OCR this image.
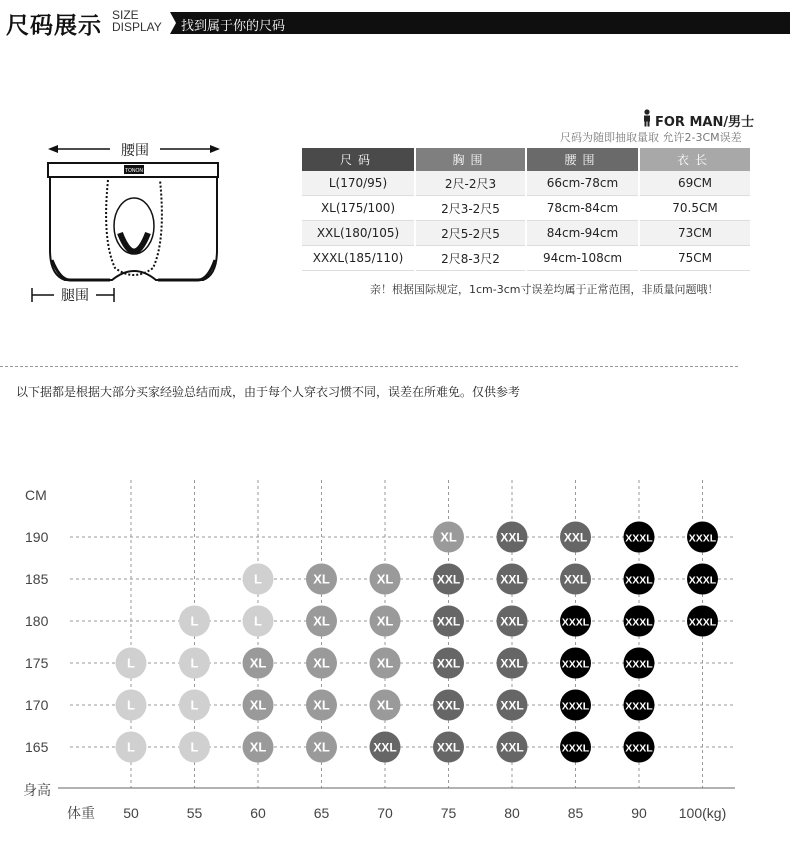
尺码展示 SIZE
DISPLAY 找到属于你的尺码
腰围
TONON
腿围
FOR MAN/男士
尺码为随即抽取量取 允许2-3CM误差
尺码	胸围	腰围	衣长
L(170/95)	2尺-2尺3	66cm-78cm	69CM
XL(175/100)	2尺3-2尺5	78cm-84cm	70.5CM
XXL(180/105)	2尺5-2尺5	84cm-94cm	73CM
XXXL(185/110)	2尺8-3尺2	94cm-108cm	75CM
亲！根据国际规定，1cm-3cm寸误差均属于正常范围，非质量问题哦！
以下据都是根据大部分买家经验总结而成，由于每个人穿衣习惯不同，误差在所难免。仅供参考
CM
身高
体重
165
170
175
180
185
190
50	55	60	65	70	75	80	85	90 100(kg)
L	L	XL	XL	XXL	XXL	XXL	XXXL	XXXL
L	L	XL	XL	XL	XXL	XXL	XXXL	XXXL
L	L	XL	XL	XL	XXL	XXL	XXXL	XXXL
L	L	XL	XL	XXL	XXL	XXXL	XXXL	XXXL
L	XL	XL	XXL	XXL	XXL	XXXL	XXXL
XL	XXL	XXL	XXXL	XXXL
